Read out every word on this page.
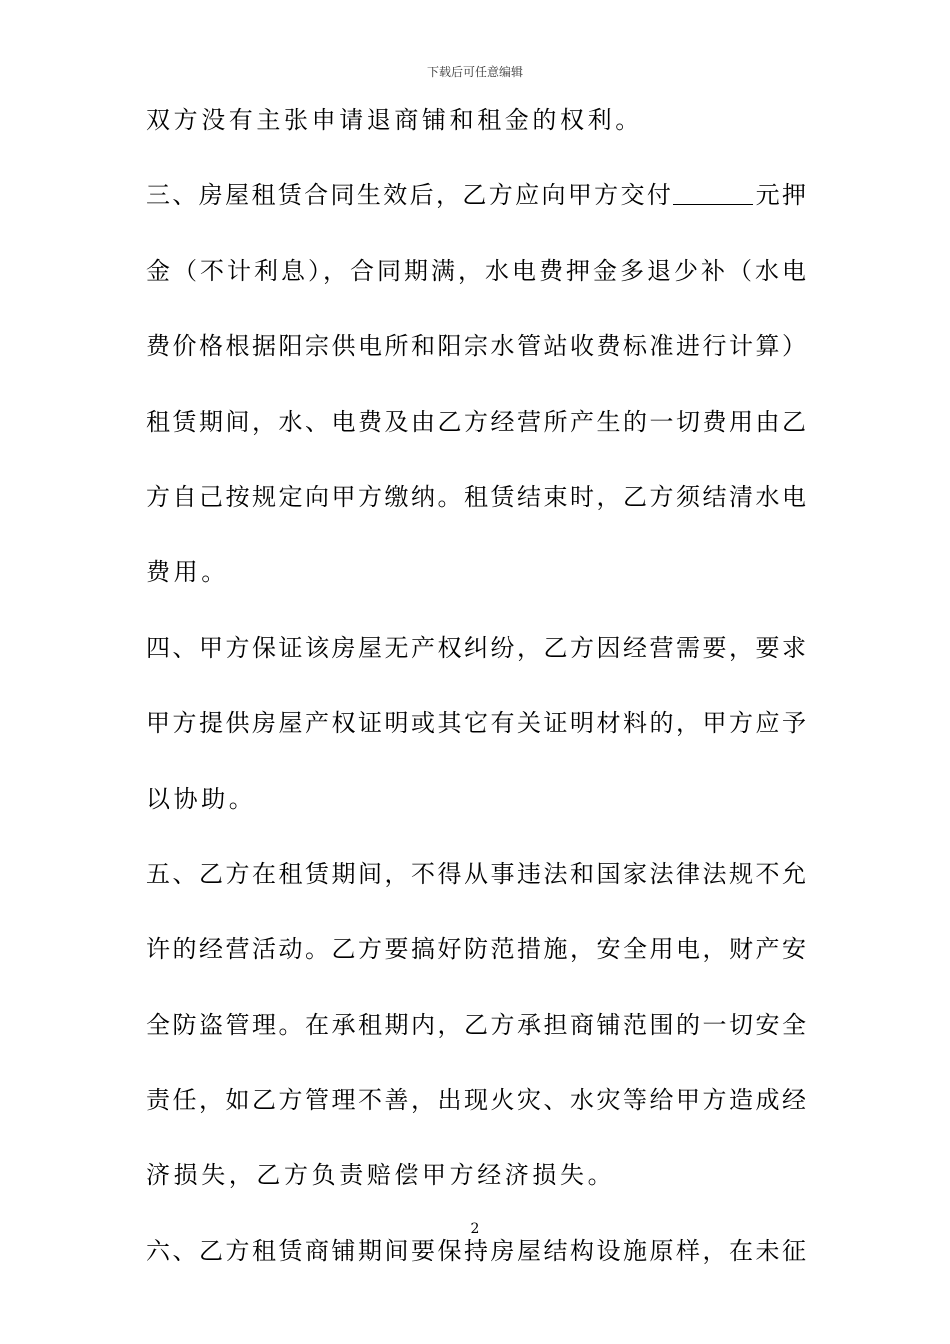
下载后可任意编辑
双方没有主张申请退商铺和租金的权利。
三、房屋租赁合同生效后，乙方应向甲方交付	元押
金（不计利息），合同期满，水电费押金多退少补（水电
费价格根据阳宗供电所和阳宗水管站收费标准进行计算）
租赁期间，水、电费及由乙方经营所产生的一切费用由乙
方自己按规定向甲方缴纳。租赁结束时，乙方须结清水电
费用。
四、甲方保证该房屋无产权纠纷，乙方因经营需要，要求
甲方提供房屋产权证明或其它有关证明材料的，甲方应予
以协助。
五、乙方在租赁期间，不得从事违法和国家法律法规不允
许的经营活动。乙方要搞好防范措施，安全用电，财产安
全防盗管理。在承租期内，乙方承担商铺范围的一切安全
责任，如乙方管理不善，出现火灾、水灾等给甲方造成经
济损失，乙方负责赔偿甲方经济损失。
六、乙方租赁商铺期间要保持房屋结构设施原样，在未征
2
